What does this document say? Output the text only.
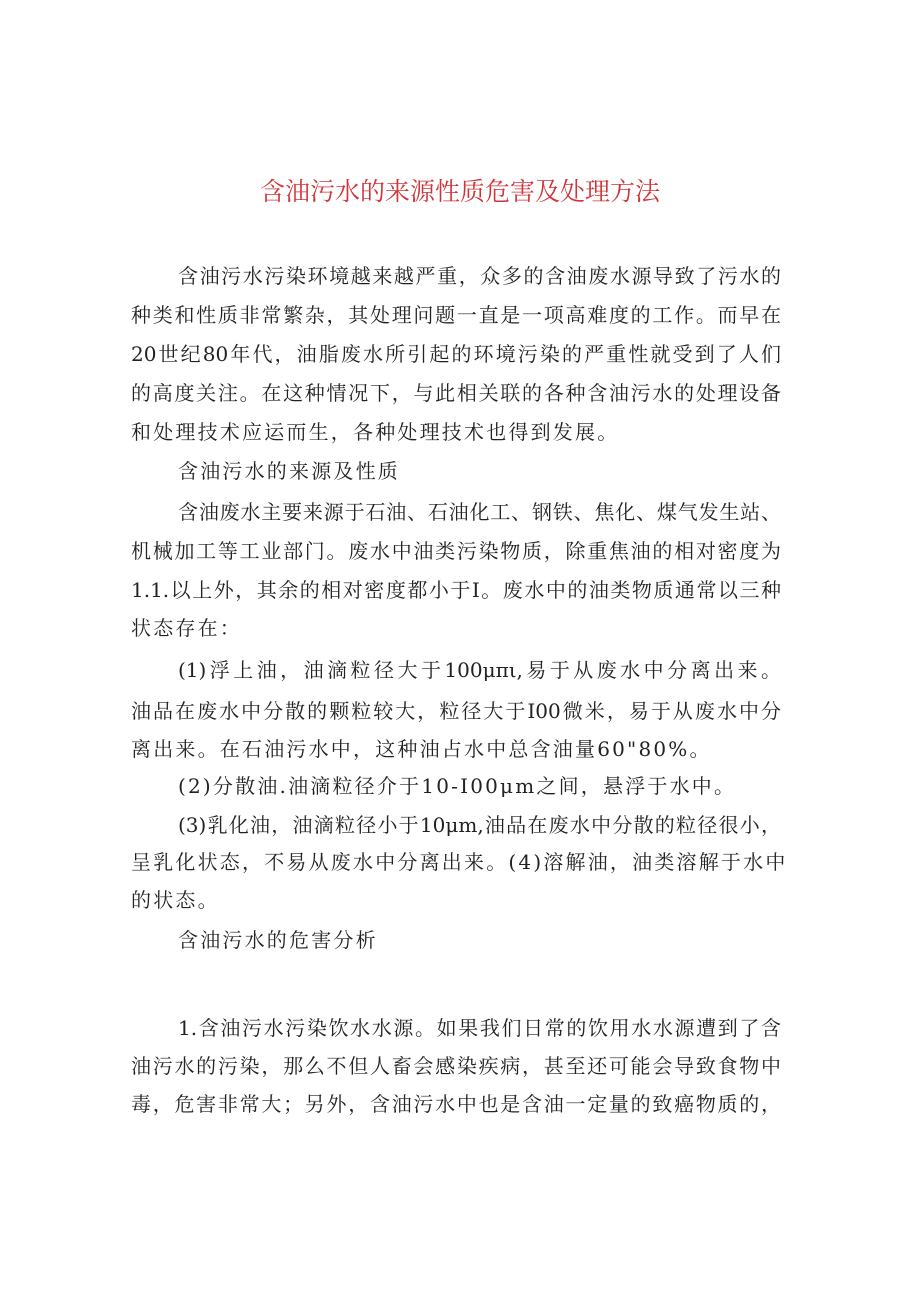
含油污水的来源性质危害及处理方法
含油污水污染环境越来越严重，众多的含油废水源导致了污水的
种类和性质非常繁杂，其处理问题一直是一项高难度的工作。而早在
20世纪80年代，油脂废水所引起的环境污染的严重性就受到了人们
的高度关注。在这种情况下，与此相关联的各种含油污水的处理设备
和处理技术应运而生，各种处理技术也得到发展。
含油污水的来源及性质
含油废水主要来源于石油、石油化工、钢铁、焦化、煤气发生站、
机械加工等工业部门。废水中油类污染物质，除重焦油的相对密度为
1.1.以上外，其余的相对密度都小于I。废水中的油类物质通常以三种
状态存在：
(1)浮上油，油滴粒径大于100μπι,易于从废水中分离出来。
油品在废水中分散的颗粒较大，粒径大于I00微米，易于从废水中分
离出来。在石油污水中，这种油占水中总含油量60"80%。
(2)分散油.油滴粒径介于10-I00μm之间，悬浮于水中。
(3)乳化油，油滴粒径小于10μm,油品在废水中分散的粒径很小，
呈乳化状态，不易从废水中分离出来。(4)溶解油，油类溶解于水中
的状态。
含油污水的危害分析
1.含油污水污染饮水水源。如果我们日常的饮用水水源遭到了含
油污水的污染，那么不但人畜会感染疾病，甚至还可能会导致食物中
毒，危害非常大；另外，含油污水中也是含油一定量的致癌物质的，
